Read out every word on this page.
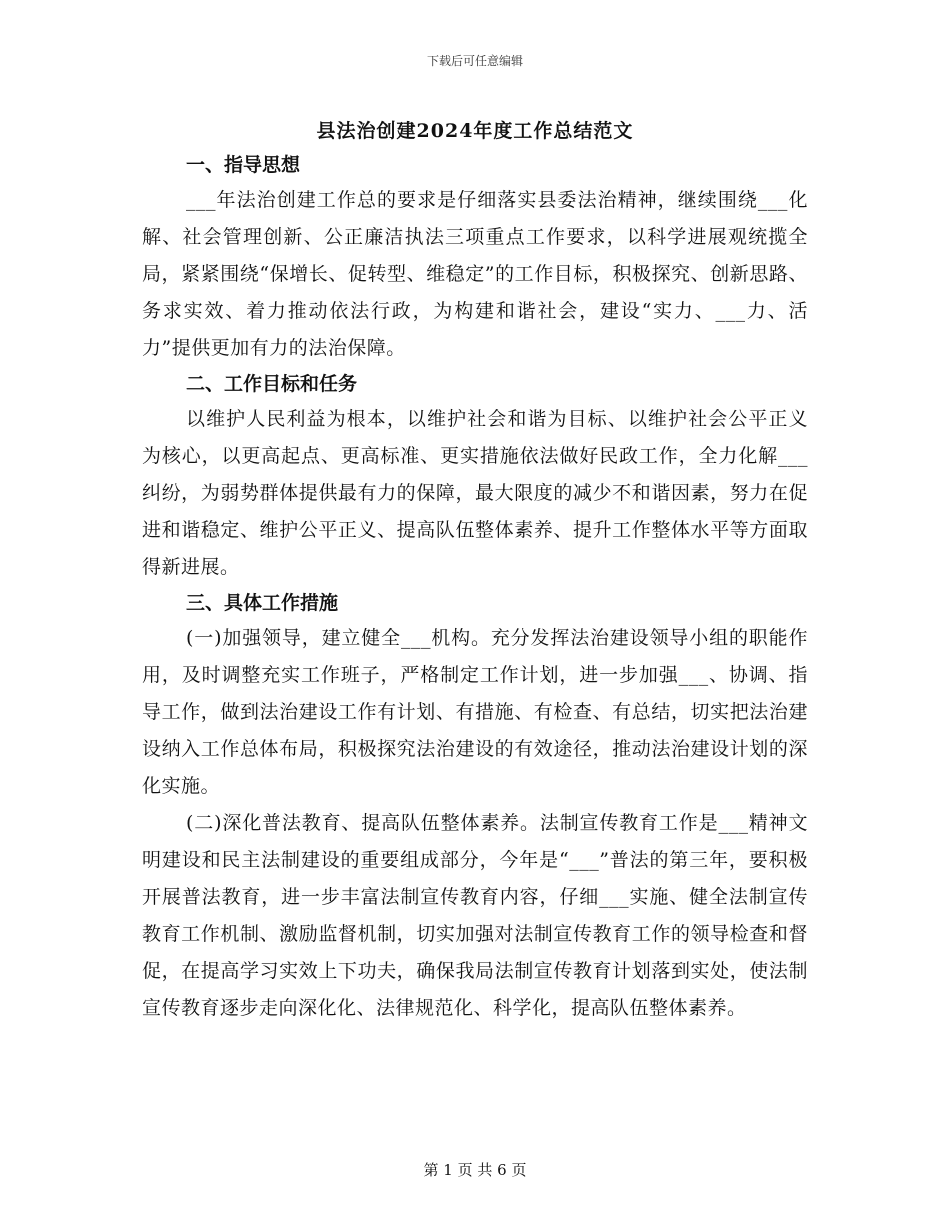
下载后可任意编辑
县法治创建2024年度工作总结范文

一、指导思想

___年法治创建工作总的要求是仔细落实县委法治精神，继续围绕___化解、社会管理创新、公正廉洁执法三项重点工作要求，以科学进展观统揽全局，紧紧围绕“保增长、促转型、维稳定”的工作目标，积极探究、创新思路、务求实效、着力推动依法行政，为构建和谐社会，建设“实力、___力、活力”提供更加有力的法治保障。

二、工作目标和任务

以维护人民利益为根本，以维护社会和谐为目标、以维护社会公平正义为核心，以更高起点、更高标准、更实措施依法做好民政工作，全力化解___纠纷，为弱势群体提供最有力的保障，最大限度的减少不和谐因素，努力在促进和谐稳定、维护公平正义、提高队伍整体素养、提升工作整体水平等方面取得新进展。

三、具体工作措施

(一)加强领导，建立健全___机构。充分发挥法治建设领导小组的职能作用，及时调整充实工作班子，严格制定工作计划，进一步加强___、协调、指导工作，做到法治建设工作有计划、有措施、有检查、有总结，切实把法治建设纳入工作总体布局，积极探究法治建设的有效途径，推动法治建设计划的深化实施。

(二)深化普法教育、提高队伍整体素养。法制宣传教育工作是___精神文明建设和民主法制建设的重要组成部分，今年是“___”普法的第三年，要积极开展普法教育，进一步丰富法制宣传教育内容，仔细___实施、健全法制宣传教育工作机制、激励监督机制，切实加强对法制宣传教育工作的领导检查和督促，在提高学习实效上下功夫，确保我局法制宣传教育计划落到实处，使法制宣传教育逐步走向深化化、法律规范化、科学化，提高队伍整体素养。

第 1 页 共 6 页
